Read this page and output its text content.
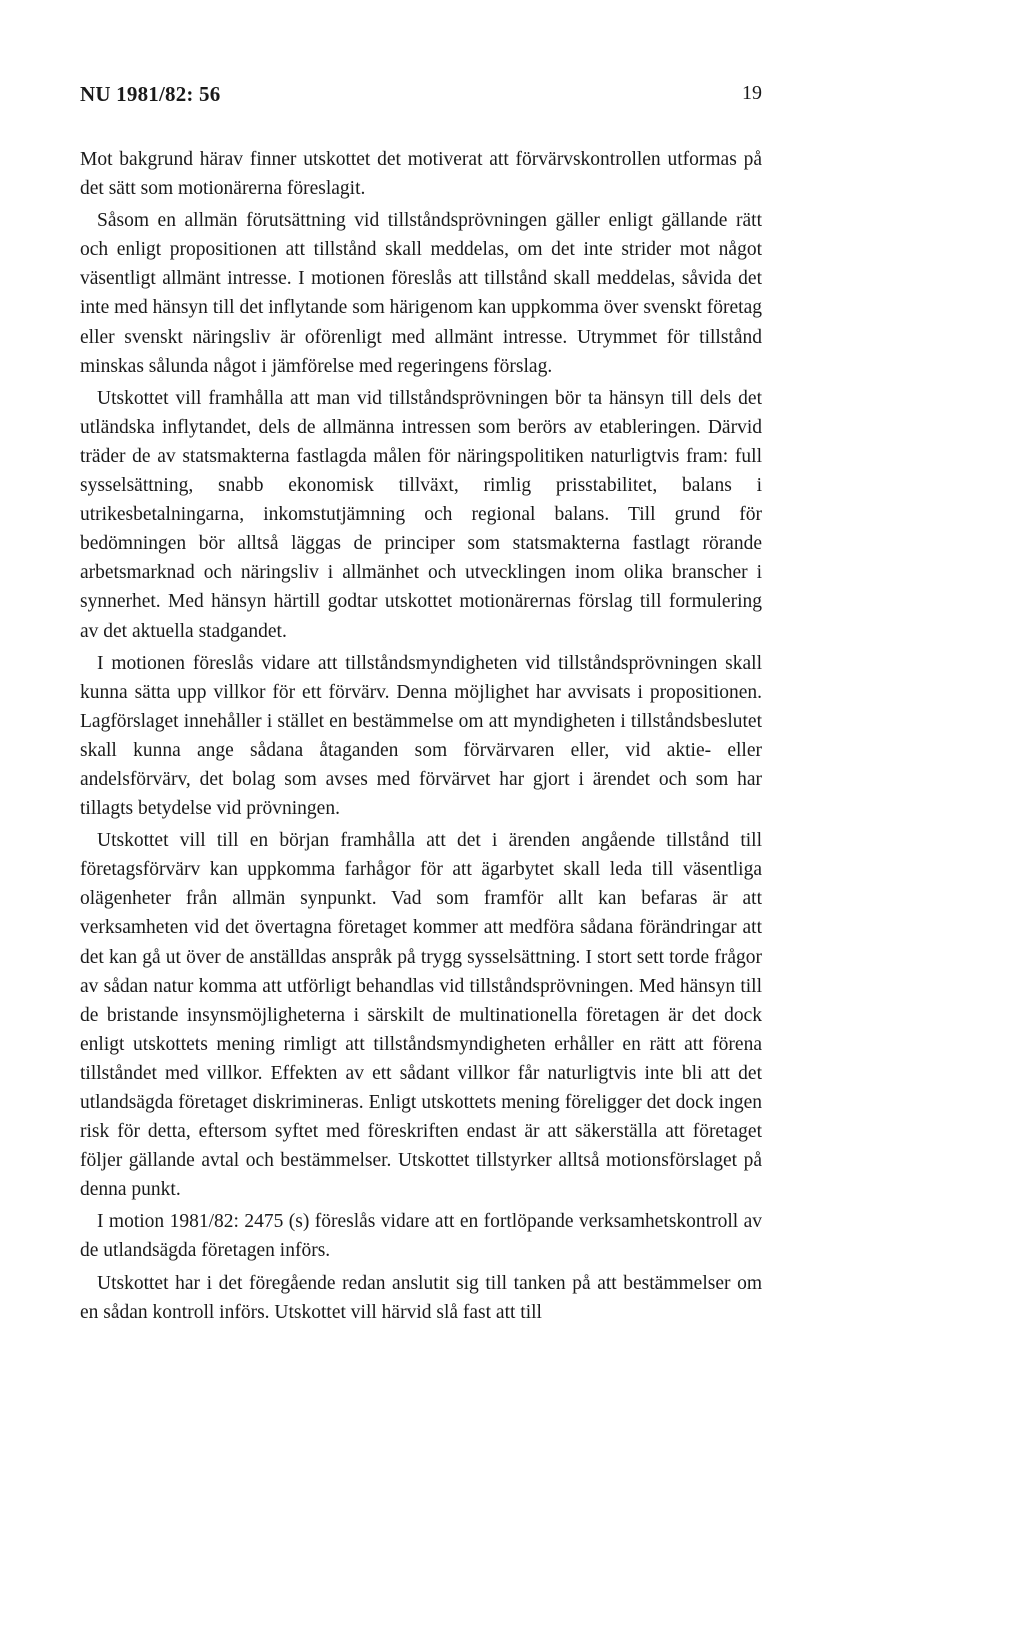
NU 1981/82: 56	19

Mot bakgrund härav finner utskottet det motiverat att förvärvskontrollen utformas på det sätt som motionärerna föreslagit.

Såsom en allmän förutsättning vid tillståndsprövningen gäller enligt gällande rätt och enligt propositionen att tillstånd skall meddelas, om det inte strider mot något väsentligt allmänt intresse. I motionen föreslås att tillstånd skall meddelas, såvida det inte med hänsyn till det inflytande som härigenom kan uppkomma över svenskt företag eller svenskt näringsliv är oförenligt med allmänt intresse. Utrymmet för tillstånd minskas sålunda något i jämförelse med regeringens förslag.

Utskottet vill framhålla att man vid tillståndsprövningen bör ta hänsyn till dels det utländska inflytandet, dels de allmänna intressen som berörs av etableringen. Därvid träder de av statsmakterna fastlagda målen för näringspolitiken naturligtvis fram: full sysselsättning, snabb ekonomisk tillväxt, rimlig prisstabilitet, balans i utrikesbetalningarna, inkomstutjämning och regional balans. Till grund för bedömningen bör alltså läggas de principer som statsmakterna fastlagt rörande arbetsmarknad och näringsliv i allmänhet och utvecklingen inom olika branscher i synnerhet. Med hänsyn härtill godtar utskottet motionärernas förslag till formulering av det aktuella stadgandet.

I motionen föreslås vidare att tillståndsmyndigheten vid tillståndsprövningen skall kunna sätta upp villkor för ett förvärv. Denna möjlighet har avvisats i propositionen. Lagförslaget innehåller i stället en bestämmelse om att myndigheten i tillståndsbeslutet skall kunna ange sådana åtaganden som förvärvaren eller, vid aktie- eller andelsförvärv, det bolag som avses med förvärvet har gjort i ärendet och som har tillagts betydelse vid prövningen.

Utskottet vill till en början framhålla att det i ärenden angående tillstånd till företagsförvärv kan uppkomma farhågor för att ägarbytet skall leda till väsentliga olägenheter från allmän synpunkt. Vad som framför allt kan befaras är att verksamheten vid det övertagna företaget kommer att medföra sådana förändringar att det kan gå ut över de anställdas anspråk på trygg sysselsättning. I stort sett torde frågor av sådan natur komma att utförligt behandlas vid tillståndsprövningen. Med hänsyn till de bristande insynsmöjligheterna i särskilt de multinationella företagen är det dock enligt utskottets mening rimligt att tillståndsmyndigheten erhåller en rätt att förena tillståndet med villkor. Effekten av ett sådant villkor får naturligtvis inte bli att det utlandsägda företaget diskrimineras. Enligt utskottets mening föreligger det dock ingen risk för detta, eftersom syftet med föreskriften endast är att säkerställa att företaget följer gällande avtal och bestämmelser. Utskottet tillstyrker alltså motionsförslaget på denna punkt.

I motion 1981/82: 2475 (s) föreslås vidare att en fortlöpande verksamhetskontroll av de utlandsägda företagen införs.

Utskottet har i det föregående redan anslutit sig till tanken på att bestämmelser om en sådan kontroll införs. Utskottet vill härvid slå fast att till
